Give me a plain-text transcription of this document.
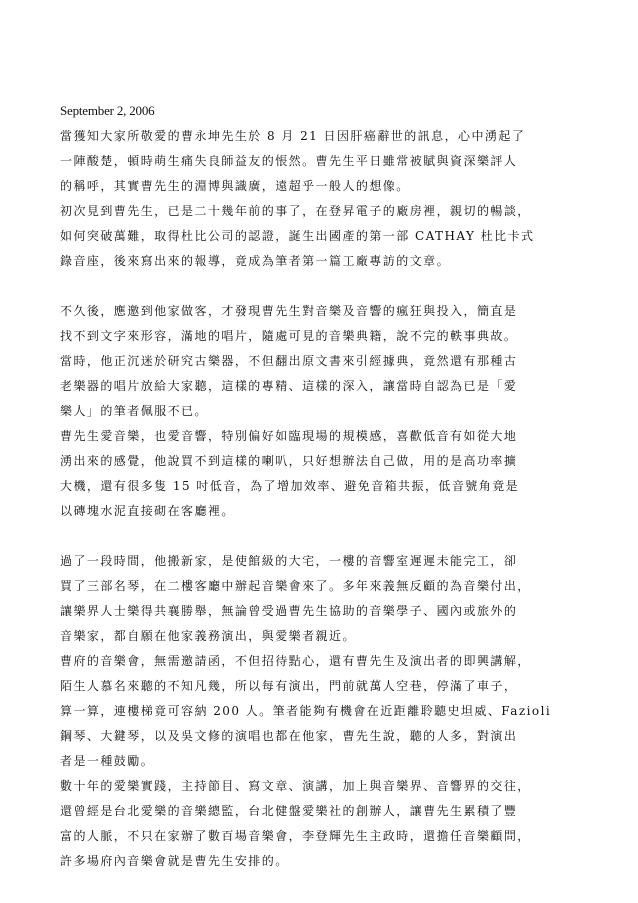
September 2, 2006

當獲知大家所敬愛的曹永坤先生於 8 月 21 日因肝癌辭世的訊息，心中湧起了

一陣酸楚，頓時萌生痛失良師益友的悵然。曹先生平日雖常被賦與資深樂評人

的稱呼，其實曹先生的淵博與識廣，遠超乎一般人的想像。

初次見到曹先生，已是二十幾年前的事了，在登昇電子的廠房裡，親切的暢談，

如何突破萬難，取得杜比公司的認證，誕生出國產的第一部 CATHAY 杜比卡式

錄音座，後來寫出來的報導，竟成為筆者第一篇工廠專訪的文章。

不久後，應邀到他家做客，才發現曹先生對音樂及音響的瘋狂與投入，簡直是

找不到文字來形容，滿地的唱片，隨處可見的音樂典籍，說不完的軼事典故。

當時，他正沉迷於研究古樂器，不但翻出原文書來引經據典，竟然還有那種古

老樂器的唱片放給大家聽，這樣的專精、這樣的深入，讓當時自認為已是「愛

樂人」的筆者佩服不已。

曹先生愛音樂，也愛音響，特別偏好如臨現場的規模感，喜歡低音有如從大地

湧出來的感覺，他說買不到這樣的喇叭，只好想辦法自己做，用的是高功率擴

大機，還有很多隻 15 吋低音，為了增加效率、避免音箱共振，低音號角竟是

以磚塊水泥直接砌在客廳裡。

過了一段時間，他搬新家，是使館級的大宅，一樓的音響室遲遲未能完工，卻

買了三部名琴，在二樓客廳中辦起音樂會來了。多年來義無反顧的為音樂付出，

讓樂界人士樂得共襄勝舉，無論曾受過曹先生協助的音樂學子、國內或旅外的

音樂家，都自願在他家義務演出，與愛樂者親近。

曹府的音樂會，無需邀請函，不但招待點心，還有曹先生及演出者的即興講解，

陌生人慕名來聽的不知凡幾，所以每有演出，門前就萬人空巷，停滿了車子，

算一算，連樓梯竟可容納 200 人。筆者能夠有機會在近距離聆聽史坦威、Fazioli

鋼琴、大鍵琴，以及吳文修的演唱也都在他家，曹先生說，聽的人多，對演出

者是一種鼓勵。

數十年的愛樂實踐，主持節目、寫文章、演講，加上與音樂界、音響界的交往，

還曾經是台北愛樂的音樂總監，台北健盤愛樂社的創辦人，讓曹先生累積了豐

富的人脈，不只在家辦了數百場音樂會，李登輝先生主政時，還擔任音樂顧問，

許多場府內音樂會就是曹先生安排的。
